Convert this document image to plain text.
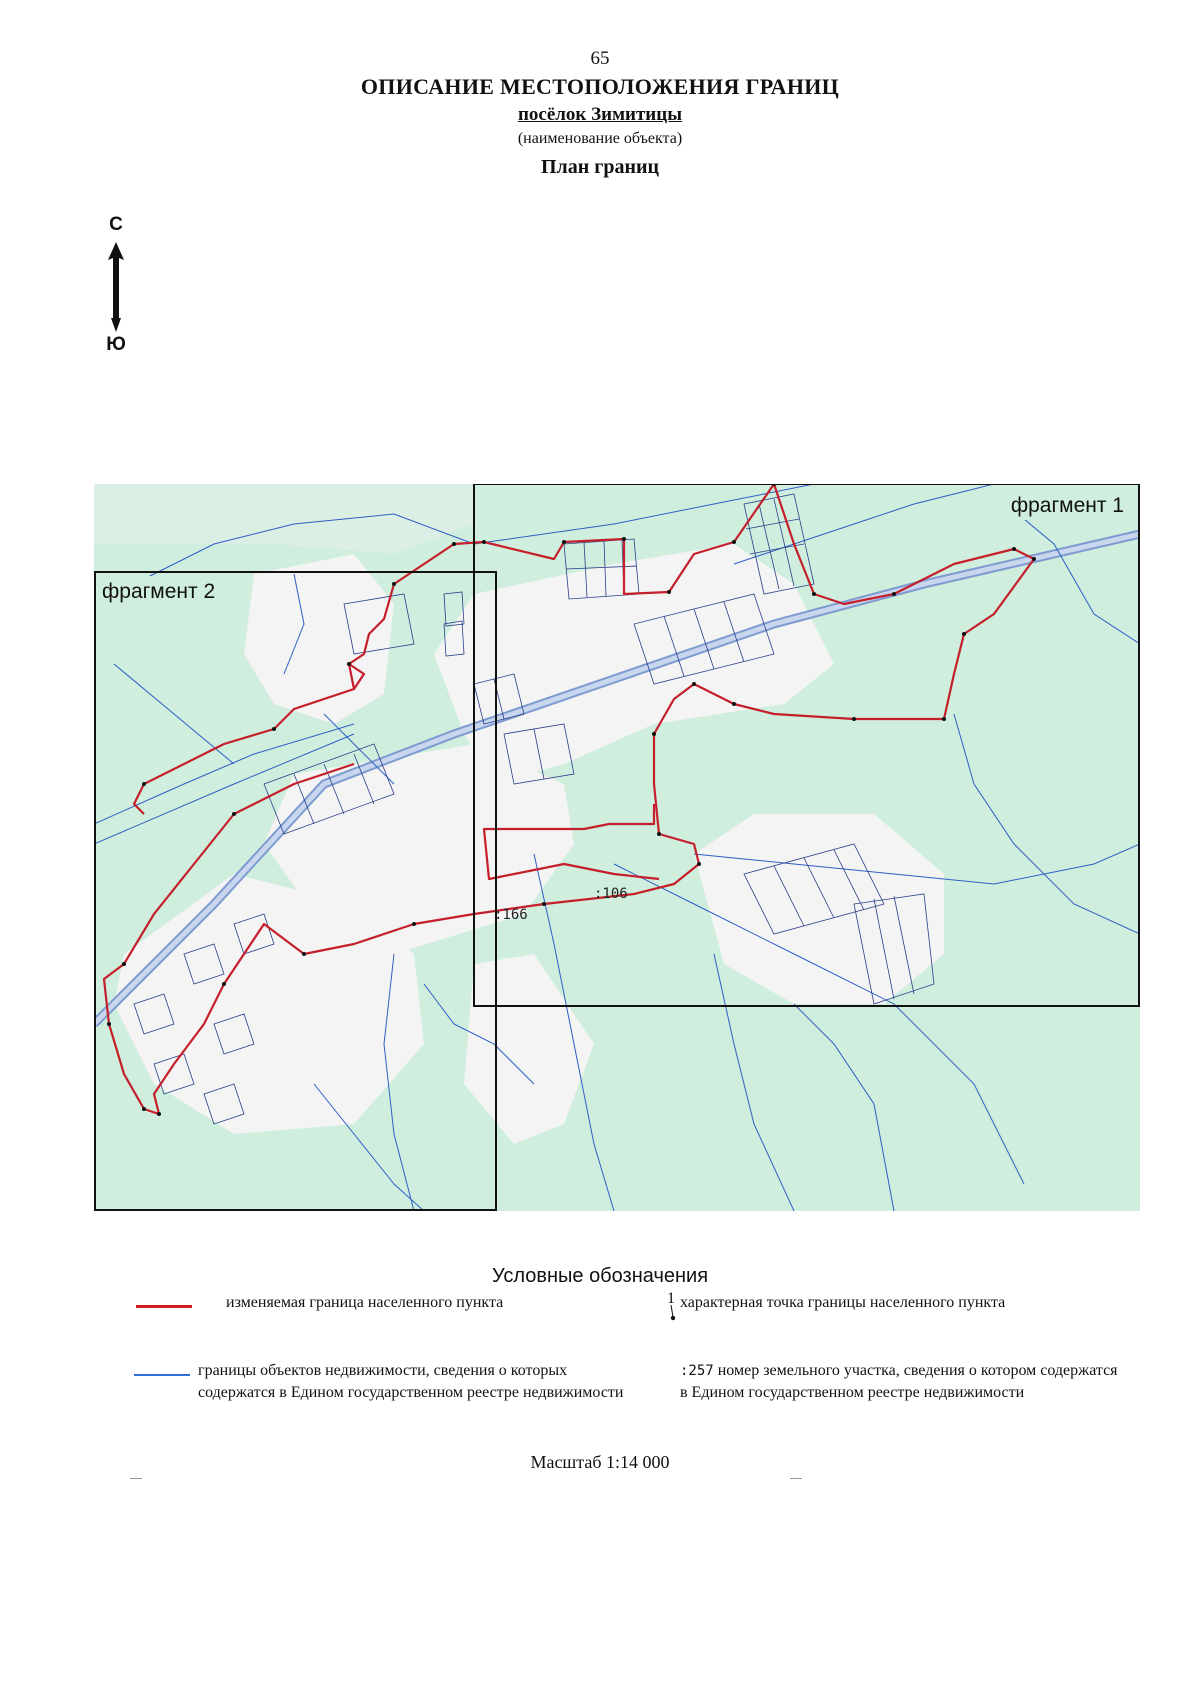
65
ОПИСАНИЕ МЕСТОПОЛОЖЕНИЯ ГРАНИЦ
посёлок Зимитицы
(наименование объекта)
План границ
С
Ю
фрагмент 1
фрагмент 2
:106
:166
Условные обозначения
изменяемая граница населенного пункта	1 характерная точка границы населенного пункта
границы объектов недвижимости, сведения о которых содержатся в Едином государственном реестре недвижимости
:257 номер земельного участка, сведения о котором содержатся в Едином государственном реестре недвижимости
Масштаб 1:14 000
